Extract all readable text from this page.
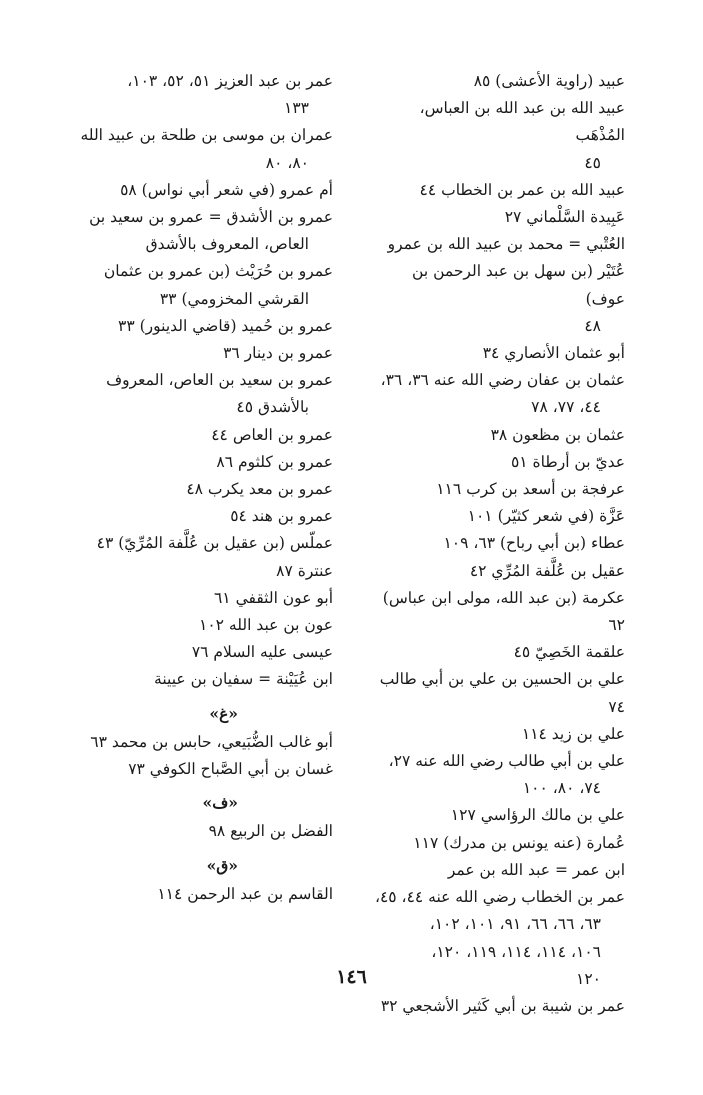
عبيد (راوية الأعشى) ٨٥
عبيد الله بن عبد الله بن العباس، المُذْهَب
٤٥
عبيد الله بن عمر بن الخطاب ٤٤
عَبِيدة السَّلْماني ٢٧
العُتْبي = محمد بن عبيد الله بن عمرو
عُتَيْر (بن سهل بن عبد الرحمن بن عوف)
٤٨
أبو عثمان الأنصاري ٣٤
عثمان بن عفان رضي الله عنه ٣٦، ٣٦،
٤٤، ٧٧، ٧٨
عثمان بن مظعون ٣٨
عديّ بن أرطاة ٥١
عرفجة بن أسعد بن كرب ١١٦
عَزَّة (في شعر كثيّر) ١٠١
عطاء (بن أبي رباح) ٦٣، ١٠٩
عقيل بن عُلَّفة المُرِّي ٤٢
عكرمة (بن عبد الله، مولى ابن عباس) ٦٢
علقمة الخَصِيّ ٤٥
علي بن الحسين بن علي بن أبي طالب ٧٤
علي بن زيد ١١٤
علي بن أبي طالب رضي الله عنه ٢٧،
٧٤، ٨٠، ١٠٠
علي بن مالك الرؤاسي ١٢٧
عُمارة (عنه يونس بن مدرك) ١١٧
ابن عمر = عبد الله بن عمر
عمر بن الخطاب رضي الله عنه ٤٤، ٤٥،
٦٣، ٦٦، ٦٦، ٩١، ١٠١، ١٠٢،
١٠٦، ١١٤، ١١٤، ١١٩، ١٢٠،
١٢٠
عمر بن شيبة بن أبي كَثير الأشجعي ٣٢
عمر بن عبد العزيز ٥١، ٥٢، ١٠٣،
١٣٣
عمران بن موسى بن طلحة بن عبيد الله
٨٠، ٨٠
أم عمرو (في شعر أبي نواس) ٥٨
عمرو بن الأشدق = عمرو بن سعيد بن
العاص، المعروف بالأشدق
عمرو بن حُرَيْث (بن عمرو بن عثمان
القرشي المخزومي) ٣٣
عمرو بن حُميد (قاضي الدينور) ٣٣
عمرو بن دينار ٣٦
عمرو بن سعيد بن العاص، المعروف
بالأشدق ٤٥
عمرو بن العاص ٤٤
عمرو بن كلثوم ٨٦
عمرو بن معد يكرب ٤٨
عمرو بن هند ٥٤
عملّس (بن عقيل بن عُلَّفة المُرِّيّ) ٤٣
عنترة ٨٧
أبو عون الثقفي ٦١
عون بن عبد الله ١٠٢
عيسى عليه السلام ٧٦
ابن عُيَيْنة = سفيان بن عيينة
«غ»
أبو غالب الضُّبَيعي، حابس بن محمد ٦٣
غسان بن أبي الصَّباح الكوفي ٧٣
«ف»
الفضل بن الربيع ٩٨
«ق»
القاسم بن عبد الرحمن ١١٤
١٤٦
